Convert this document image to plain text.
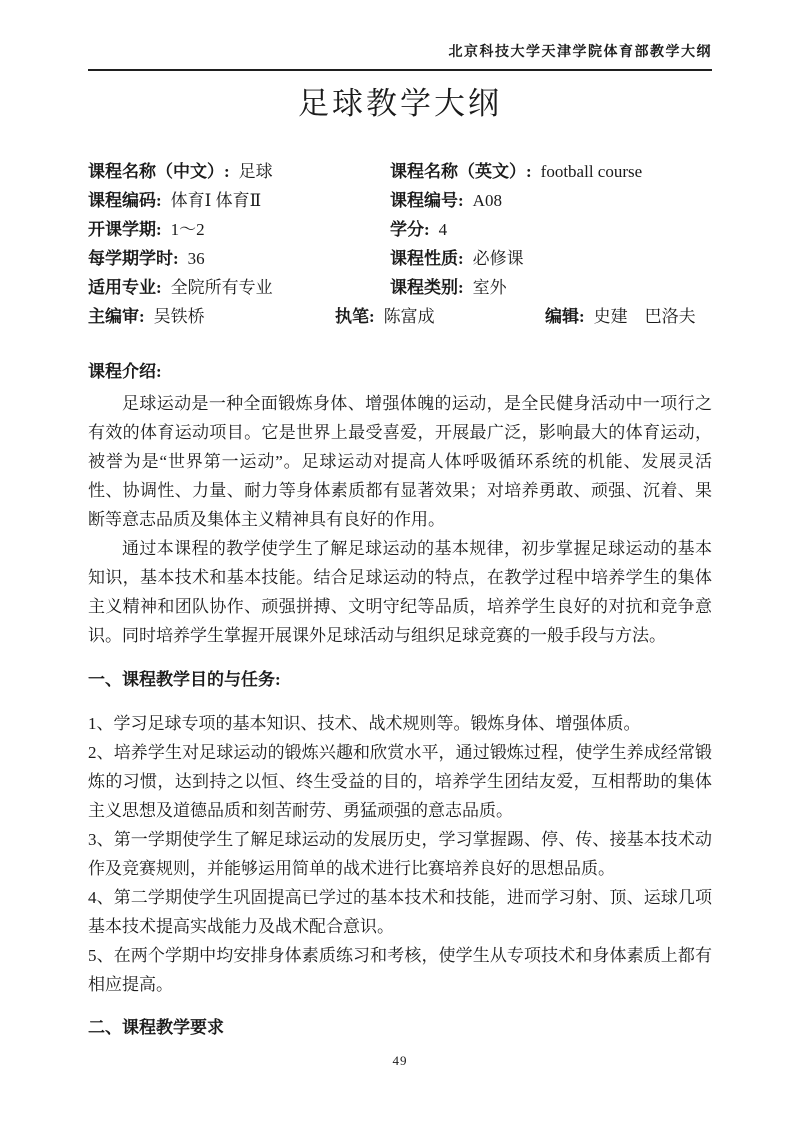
北京科技大学天津学院体育部教学大纲
足球教学大纲
课程名称（中文）: 足球	课程名称（英文）: football course
课程编码: 体育Ⅰ 体育Ⅱ	课程编号: A08
开课学期: 1～2	学分: 4
每学期学时: 36	课程性质: 必修课
适用专业: 全院所有专业	课程类别: 室外
主编审: 吴铁桥	执笔: 陈富成	编辑: 史建　巴洛夫
课程介绍:

足球运动是一种全面锻炼身体、增强体魄的运动，是全民健身活动中一项行之有效的体育运动项目。它是世界上最受喜爱，开展最广泛，影响最大的体育运动，被誉为是“世界第一运动”。足球运动对提高人体呼吸循环系统的机能、发展灵活性、协调性、力量、耐力等身体素质都有显著效果；对培养勇敢、顽强、沉着、果断等意志品质及集体主义精神具有良好的作用。

通过本课程的教学使学生了解足球运动的基本规律，初步掌握足球运动的基本知识，基本技术和基本技能。结合足球运动的特点，在教学过程中培养学生的集体主义精神和团队协作、顽强拼搏、文明守纪等品质，培养学生良好的对抗和竞争意识。同时培养学生掌握开展课外足球活动与组织足球竞赛的一般手段与方法。

一、课程教学目的与任务:

1、学习足球专项的基本知识、技术、战术规则等。锻炼身体、增强体质。

2、培养学生对足球运动的锻炼兴趣和欣赏水平，通过锻炼过程，使学生养成经常锻炼的习惯，达到持之以恒、终生受益的目的，培养学生团结友爱，互相帮助的集体主义思想及道德品质和刻苦耐劳、勇猛顽强的意志品质。

3、第一学期使学生了解足球运动的发展历史，学习掌握踢、停、传、接基本技术动作及竞赛规则，并能够运用简单的战术进行比赛培养良好的思想品质。

4、第二学期使学生巩固提高已学过的基本技术和技能，进而学习射、顶、运球几项基本技术提高实战能力及战术配合意识。

5、在两个学期中均安排身体素质练习和考核，使学生从专项技术和身体素质上都有相应提高。

二、课程教学要求
49
